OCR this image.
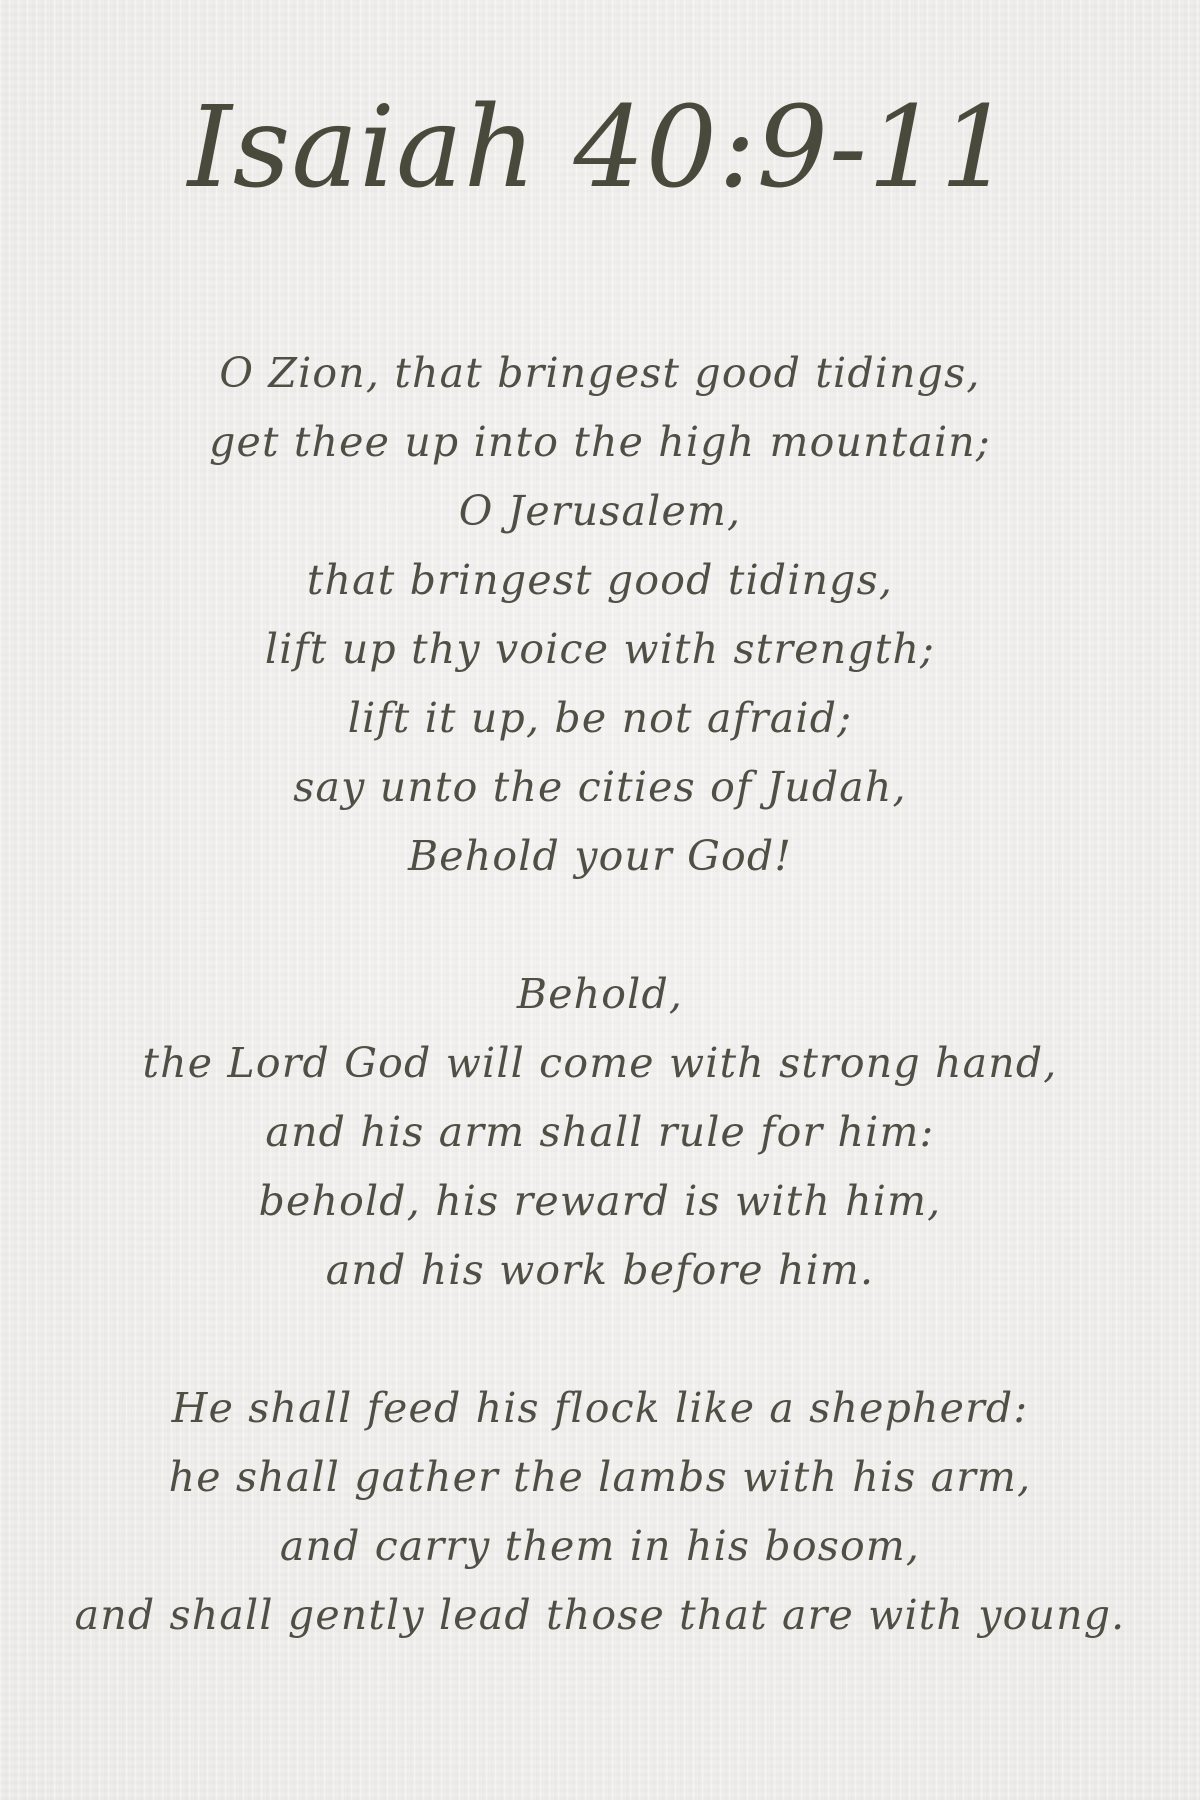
Isaiah 40:9-11
O Zion, that bringest good tidings,
get thee up into the high mountain;
O Jerusalem,
that bringest good tidings,
lift up thy voice with strength;
lift it up, be not afraid;
say unto the cities of Judah,
Behold your God!
Behold,
the Lord God will come with strong hand,
and his arm shall rule for him:
behold, his reward is with him,
and his work before him.
He shall feed his flock like a shepherd:
he shall gather the lambs with his arm,
and carry them in his bosom,
and shall gently lead those that are with young.
